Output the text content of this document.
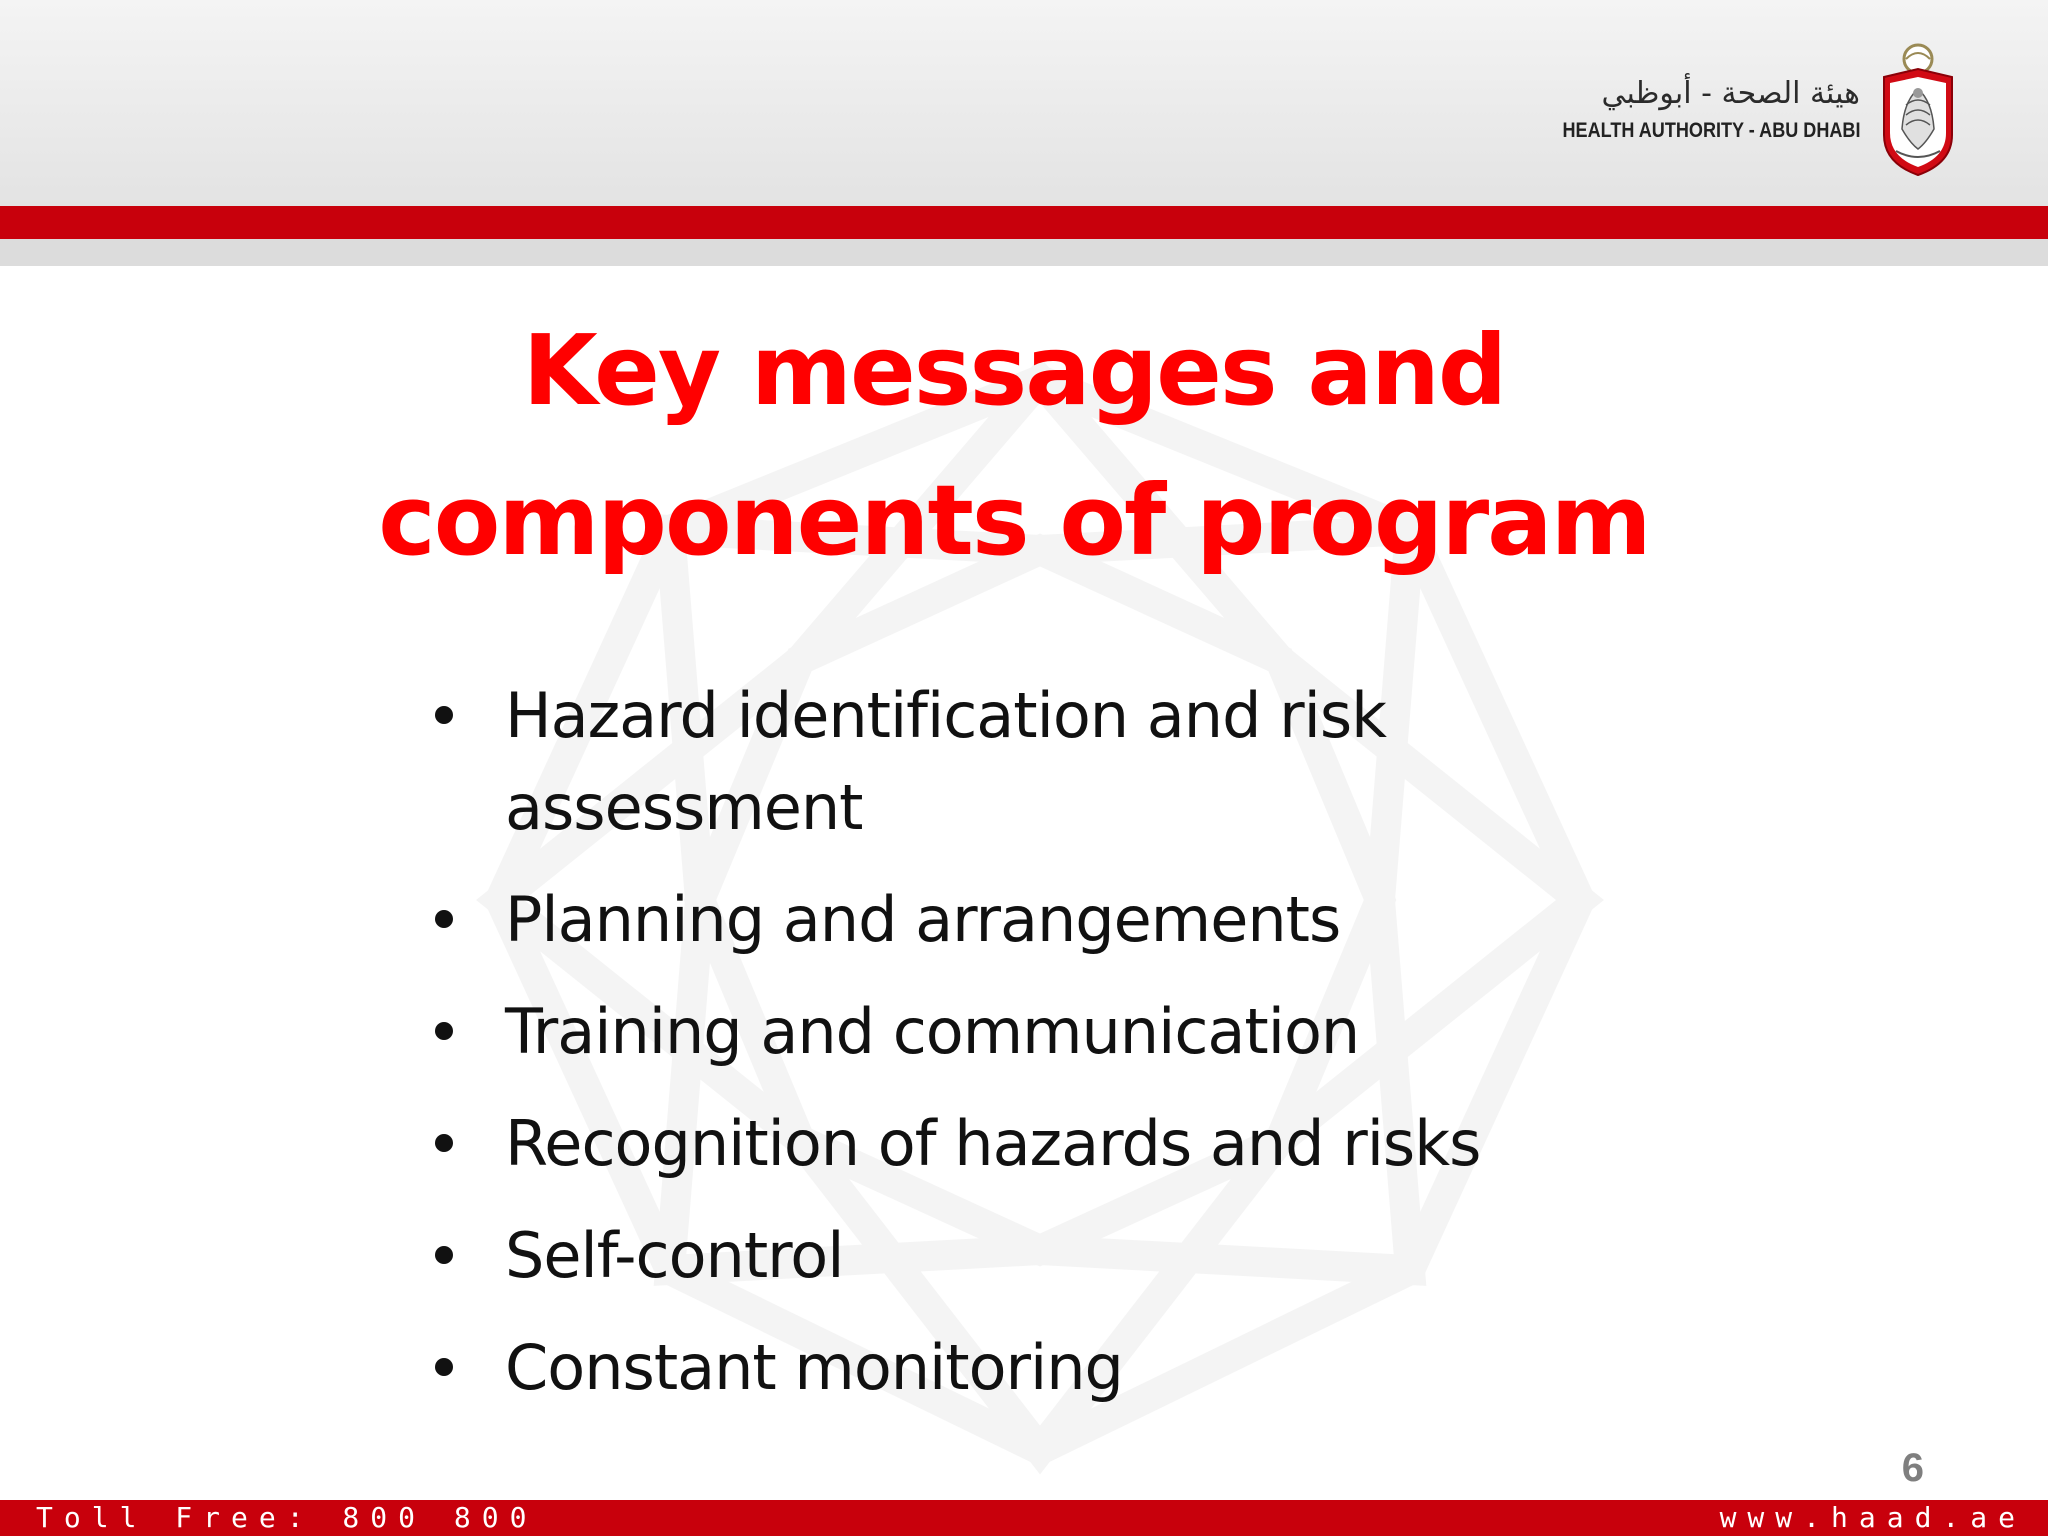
هيئة الصحة - أبوظبي
HEALTH AUTHORITY - ABU DHABI
Key messages and
components of program
Hazard identification and risk
assessment
Planning and arrangements
Training and communication
Recognition of hazards and risks
Self-control
Constant monitoring
6
Toll Free: 800 800	www.haad.ae
